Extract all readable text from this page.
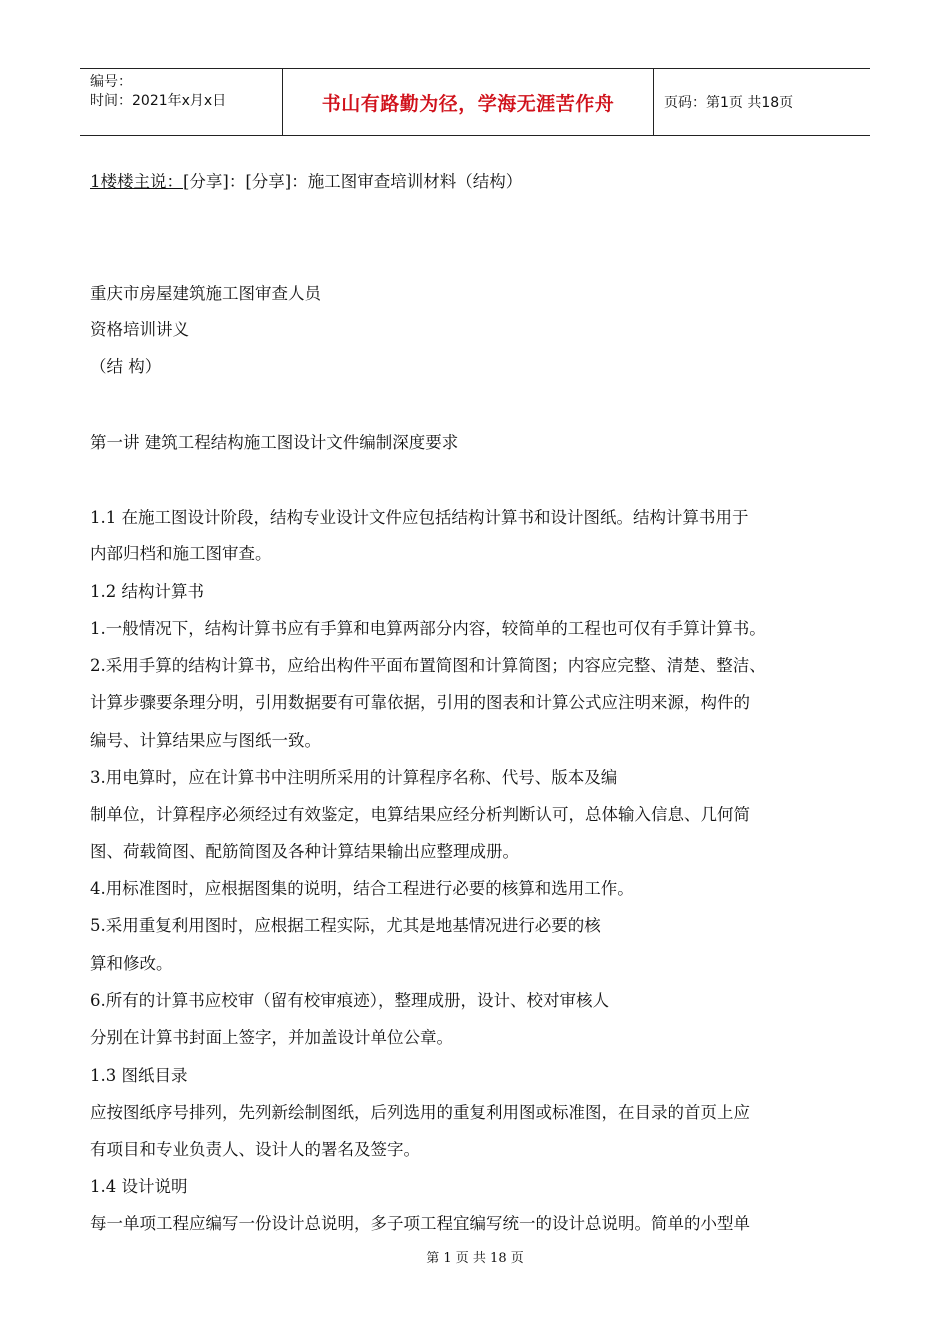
编号：
时间：2021年x月x日	书山有路勤为径，学海无涯苦作舟	页码：第1页 共18页
1楼楼主说：[分享]：[分享]：施工图审查培训材料（结构）
重庆市房屋建筑施工图审查人员
资格培训讲义
（结 构）
第一讲 建筑工程结构施工图设计文件编制深度要求
1.1 在施工图设计阶段，结构专业设计文件应包括结构计算书和设计图纸。结构计算书用于
内部归档和施工图审查。
1.2 结构计算书
1.一般情况下，结构计算书应有手算和电算两部分内容，较简单的工程也可仅有手算计算书。
2.采用手算的结构计算书，应给出构件平面布置简图和计算简图；内容应完整、清楚、整洁、
计算步骤要条理分明，引用数据要有可靠依据，引用的图表和计算公式应注明来源，构件的
编号、计算结果应与图纸一致。
3.用电算时，应在计算书中注明所采用的计算程序名称、代号、版本及编
制单位，计算程序必须经过有效鉴定，电算结果应经分析判断认可，总体输入信息、几何简
图、荷载简图、配筋简图及各种计算结果输出应整理成册。
4.用标准图时，应根据图集的说明，结合工程进行必要的核算和选用工作。
5.采用重复利用图时，应根据工程实际，尤其是地基情况进行必要的核
算和修改。
6.所有的计算书应校审（留有校审痕迹），整理成册，设计、校对审核人
分别在计算书封面上签字，并加盖设计单位公章。
1.3 图纸目录
应按图纸序号排列，先列新绘制图纸，后列选用的重复利用图或标准图，在目录的首页上应
有项目和专业负责人、设计人的署名及签字。
1.4 设计说明
每一单项工程应编写一份设计总说明，多子项工程宜编写统一的设计总说明。简单的小型单
第 1 页 共 18 页
